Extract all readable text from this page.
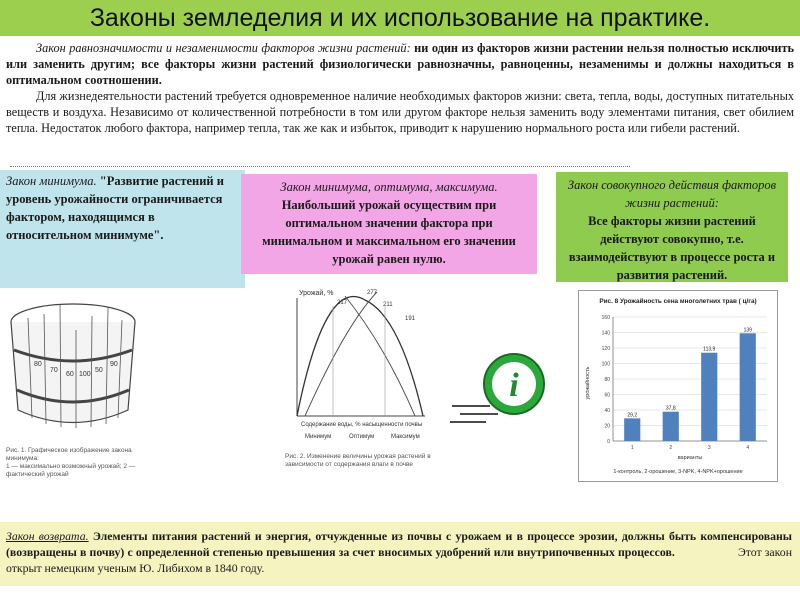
Законы земледелия и их использование на практике.

Закон равнозначимости и незаменимости факторов жизни растений: ни один из факторов жизни растении нельзя полностью исключить или заменить другим; все факторы жизни растений физиологически равнозначны, равноценны, незаменимы и должны находиться в оптимальном соотношении.

Для жизнедеятельности растений требуется одновременное наличие необходимых факторов жизни: света, тепла, воды, доступных питательных веществ и воздуха. Независимо от количественной потребности в том или другом факторе нельзя заменить воду элементами питания, свет обилием тепла. Недостаток любого фактора, например тепла, так же как и избыток, приводит к нарушению нормального роста или гибели растений.

Закон минимума. "Развитие растений и уровень урожайности ограничивается фактором, находящимся в относительном минимуме".
Закон минимума, оптимума, максимума.
Наибольший урожай осуществим при оптимальном значении фактора при минимальном и максимальном его значении урожай равен нулю.
Закон совокупного действия факторов жизни растений:
Все факторы жизни растений действуют совокупно, т.е. взаимодействуют в процессе роста и развития растений.
80
70
60 100
50
90
Рис. 1. Графическое изображение закона минимума:
1 — максимально возможный урожай; 2 — фактический урожай
Урожай, %
217
277
211
191
Содержание воды, % насыщенности почвы
Минимум	Оптимум	Максимум
Рис. 2. Изменение величины урожая растений в зависимости от содержания влаги в почве
i
Рис. 8 Урожайность сена многолетних трав ( ц/га)
урожайность
варианты
1-контроль, 2-орошение, 3-NPK, 4-NPK+орошение
0
20
40
60
80
100
120
140
160
29,2
1
37,8
2
113,9
3
139
4
Закон возврата. Элементы питания растений и энергия, отчужденные из почвы с урожаем и в процессе эрозии, должны быть компенсированы (возвращены в почву) с определенной степенью превышения за счет вносимых удобрений или внутрипочвенных процессов.	Этот закон открыт немецким ученым Ю. Либихом в 1840 году.
